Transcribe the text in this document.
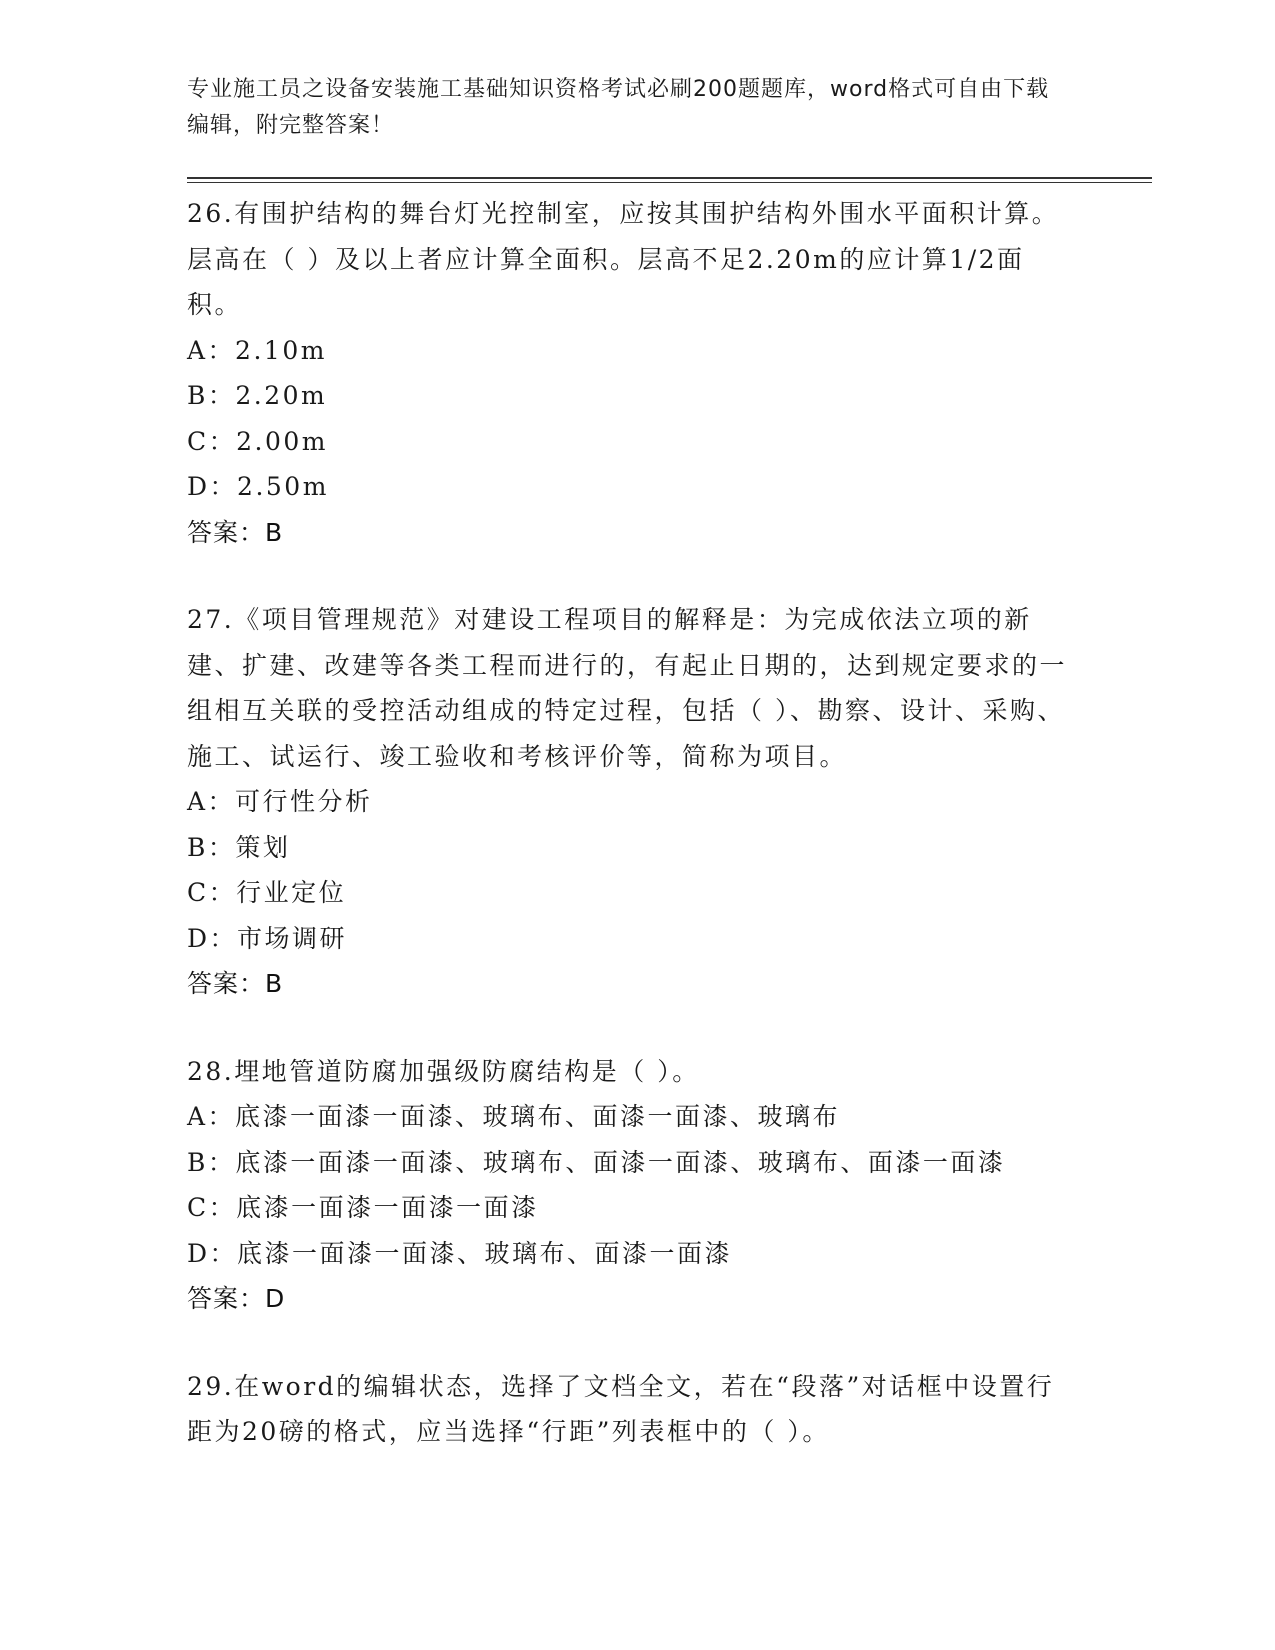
专业施工员之设备安装施工基础知识资格考试必刷200题题库，word格式可自由下载编辑，附完整答案！

26.有围护结构的舞台灯光控制室，应按其围护结构外围水平面积计算。层高在（ ）及以上者应计算全面积。层高不足2.20m的应计算1/2面积。

A：2.10m

B：2.20m

C：2.00m

D：2.50m

答案：B

27.《项目管理规范》对建设工程项目的解释是：为完成依法立项的新建、扩建、改建等各类工程而进行的，有起止日期的，达到规定要求的一组相互关联的受控活动组成的特定过程，包括（ ）、勘察、设计、采购、施工、试运行、竣工验收和考核评价等，简称为项目。

A：可行性分析

B：策划

C：行业定位

D：市场调研

答案：B

28.埋地管道防腐加强级防腐结构是（ ）。

A：底漆一面漆一面漆、玻璃布、面漆一面漆、玻璃布

B：底漆一面漆一面漆、玻璃布、面漆一面漆、玻璃布、面漆一面漆

C：底漆一面漆一面漆一面漆

D：底漆一面漆一面漆、玻璃布、面漆一面漆

答案：D

29.在word的编辑状态，选择了文档全文，若在“段落”对话框中设置行距为20磅的格式，应当选择“行距”列表框中的（ ）。
